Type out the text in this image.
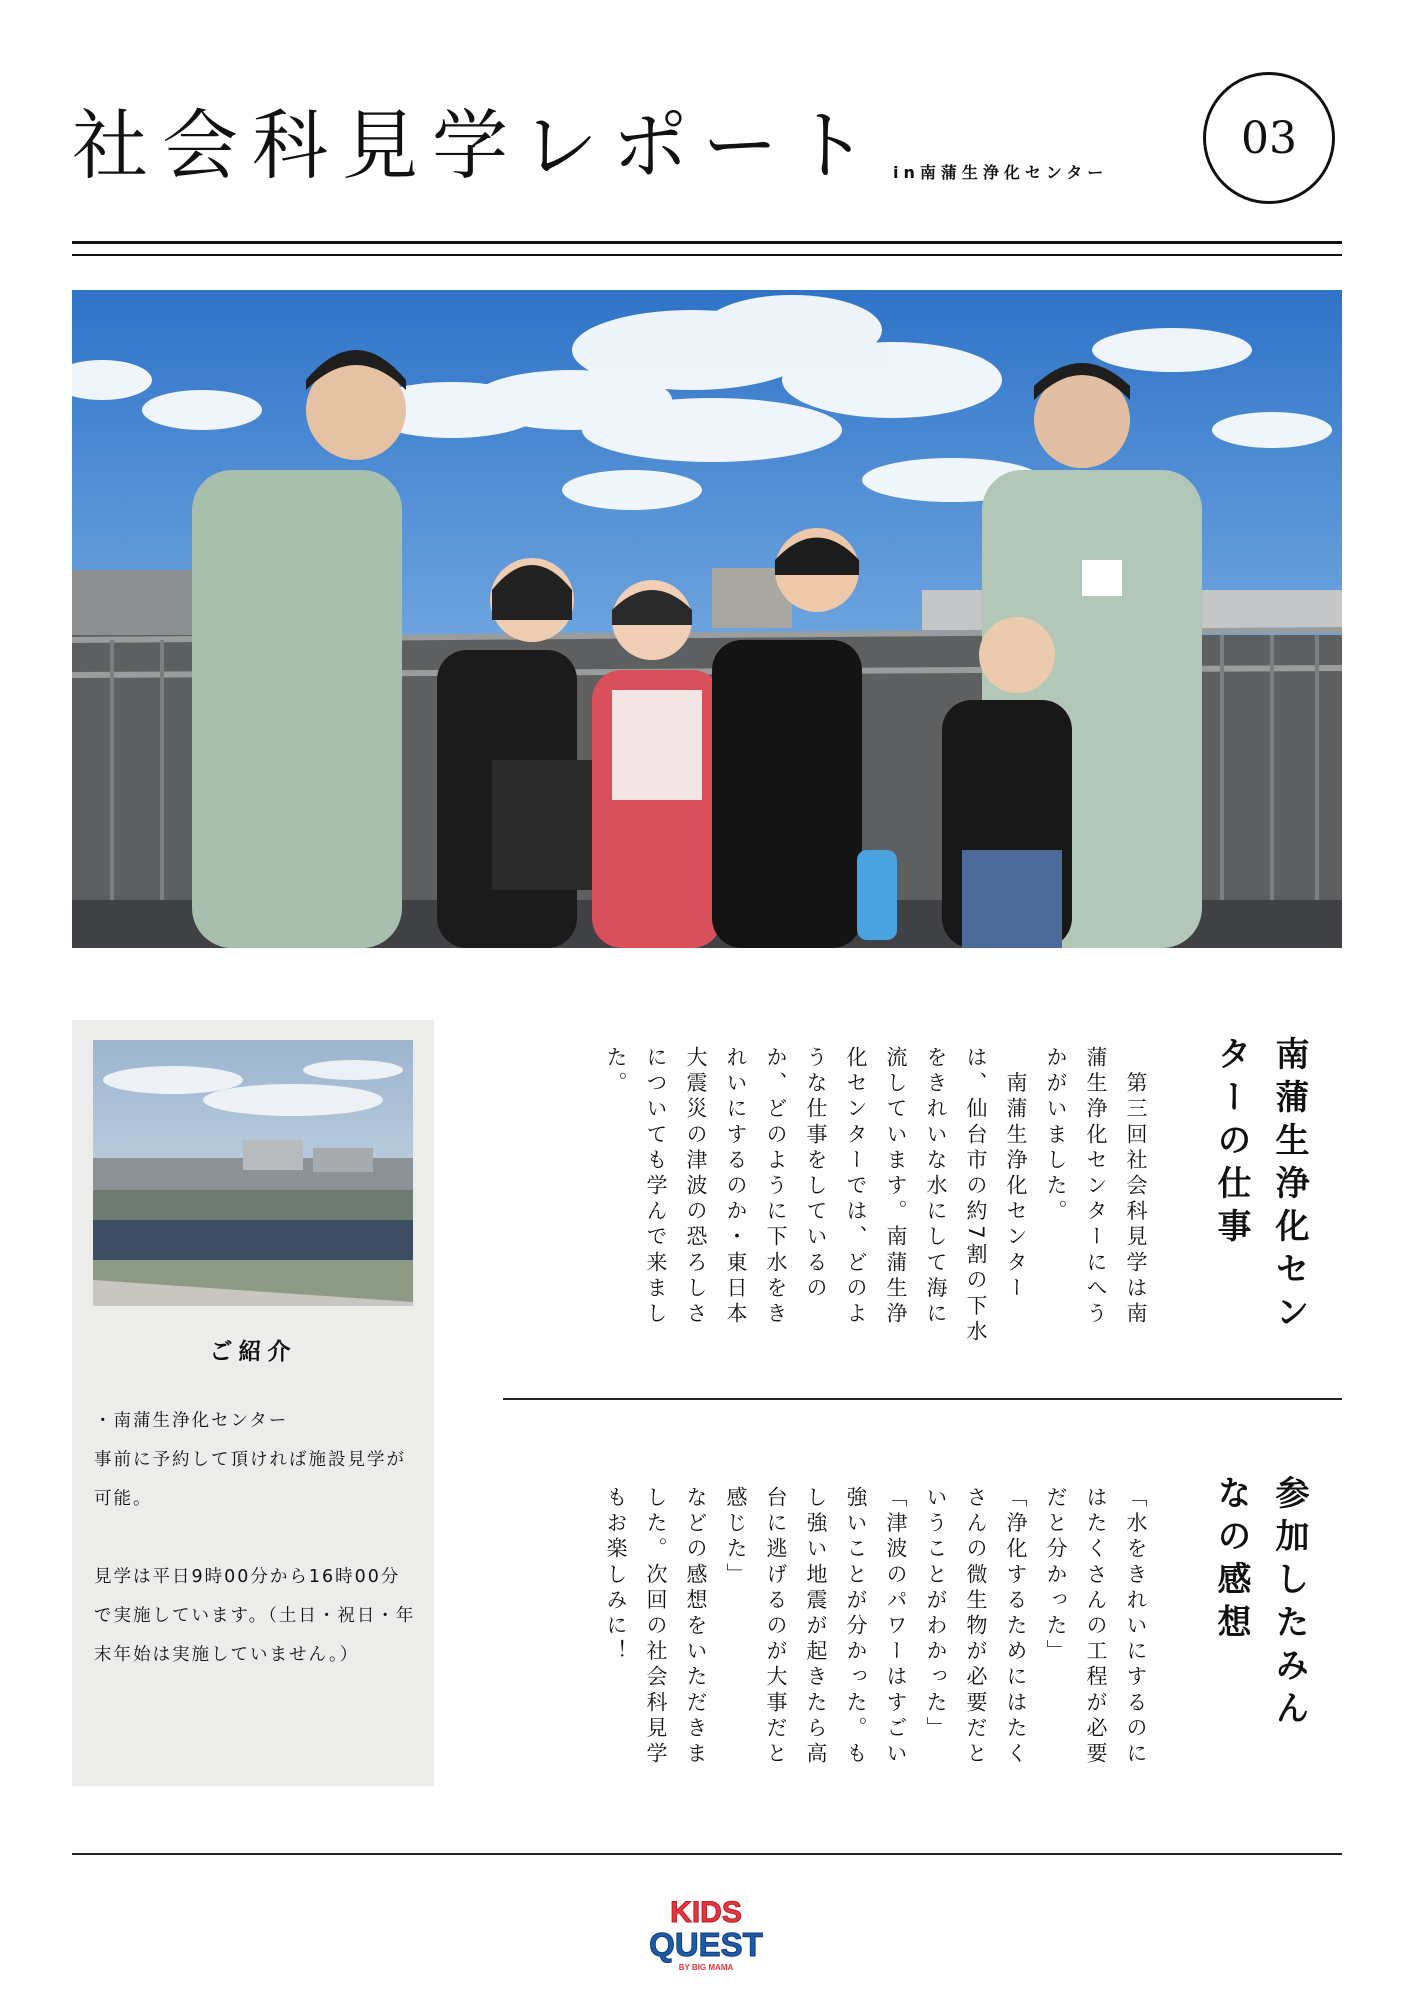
社会科見学レポート in南蒲生浄化センター
03
ご紹介

・南蒲生浄化センター
事前に予約して頂ければ施設見学が可能。

見学は平日9時00分から16時00分で実施しています。（土日・祝日・年末年始は実施していません。）

南蒲生浄化センターの仕事

　第三回社会科見学は南蒲生浄化センターにへうかがいました。

　南蒲生浄化センターは、仙台市の約7割の下水をきれいな水にして海に流しています。南蒲生浄化センターでは、どのような仕事をしているのか、どのように下水をきれいにするのか・東日本大震災の津波の恐ろしさについても学んで来ました。

参加したみんなの感想

「水をきれいにするのにはたくさんの工程が必要だと分かった」

「浄化するためにはたくさんの微生物が必要だということがわかった」

「津波のパワーはすごい強いことが分かった。もし強い地震が起きたら高台に逃げるのが大事だと感じた」

などの感想をいただきました。次回の社会科見学もお楽しみに！

KIDS
QUEST
BY BIG MAMA
